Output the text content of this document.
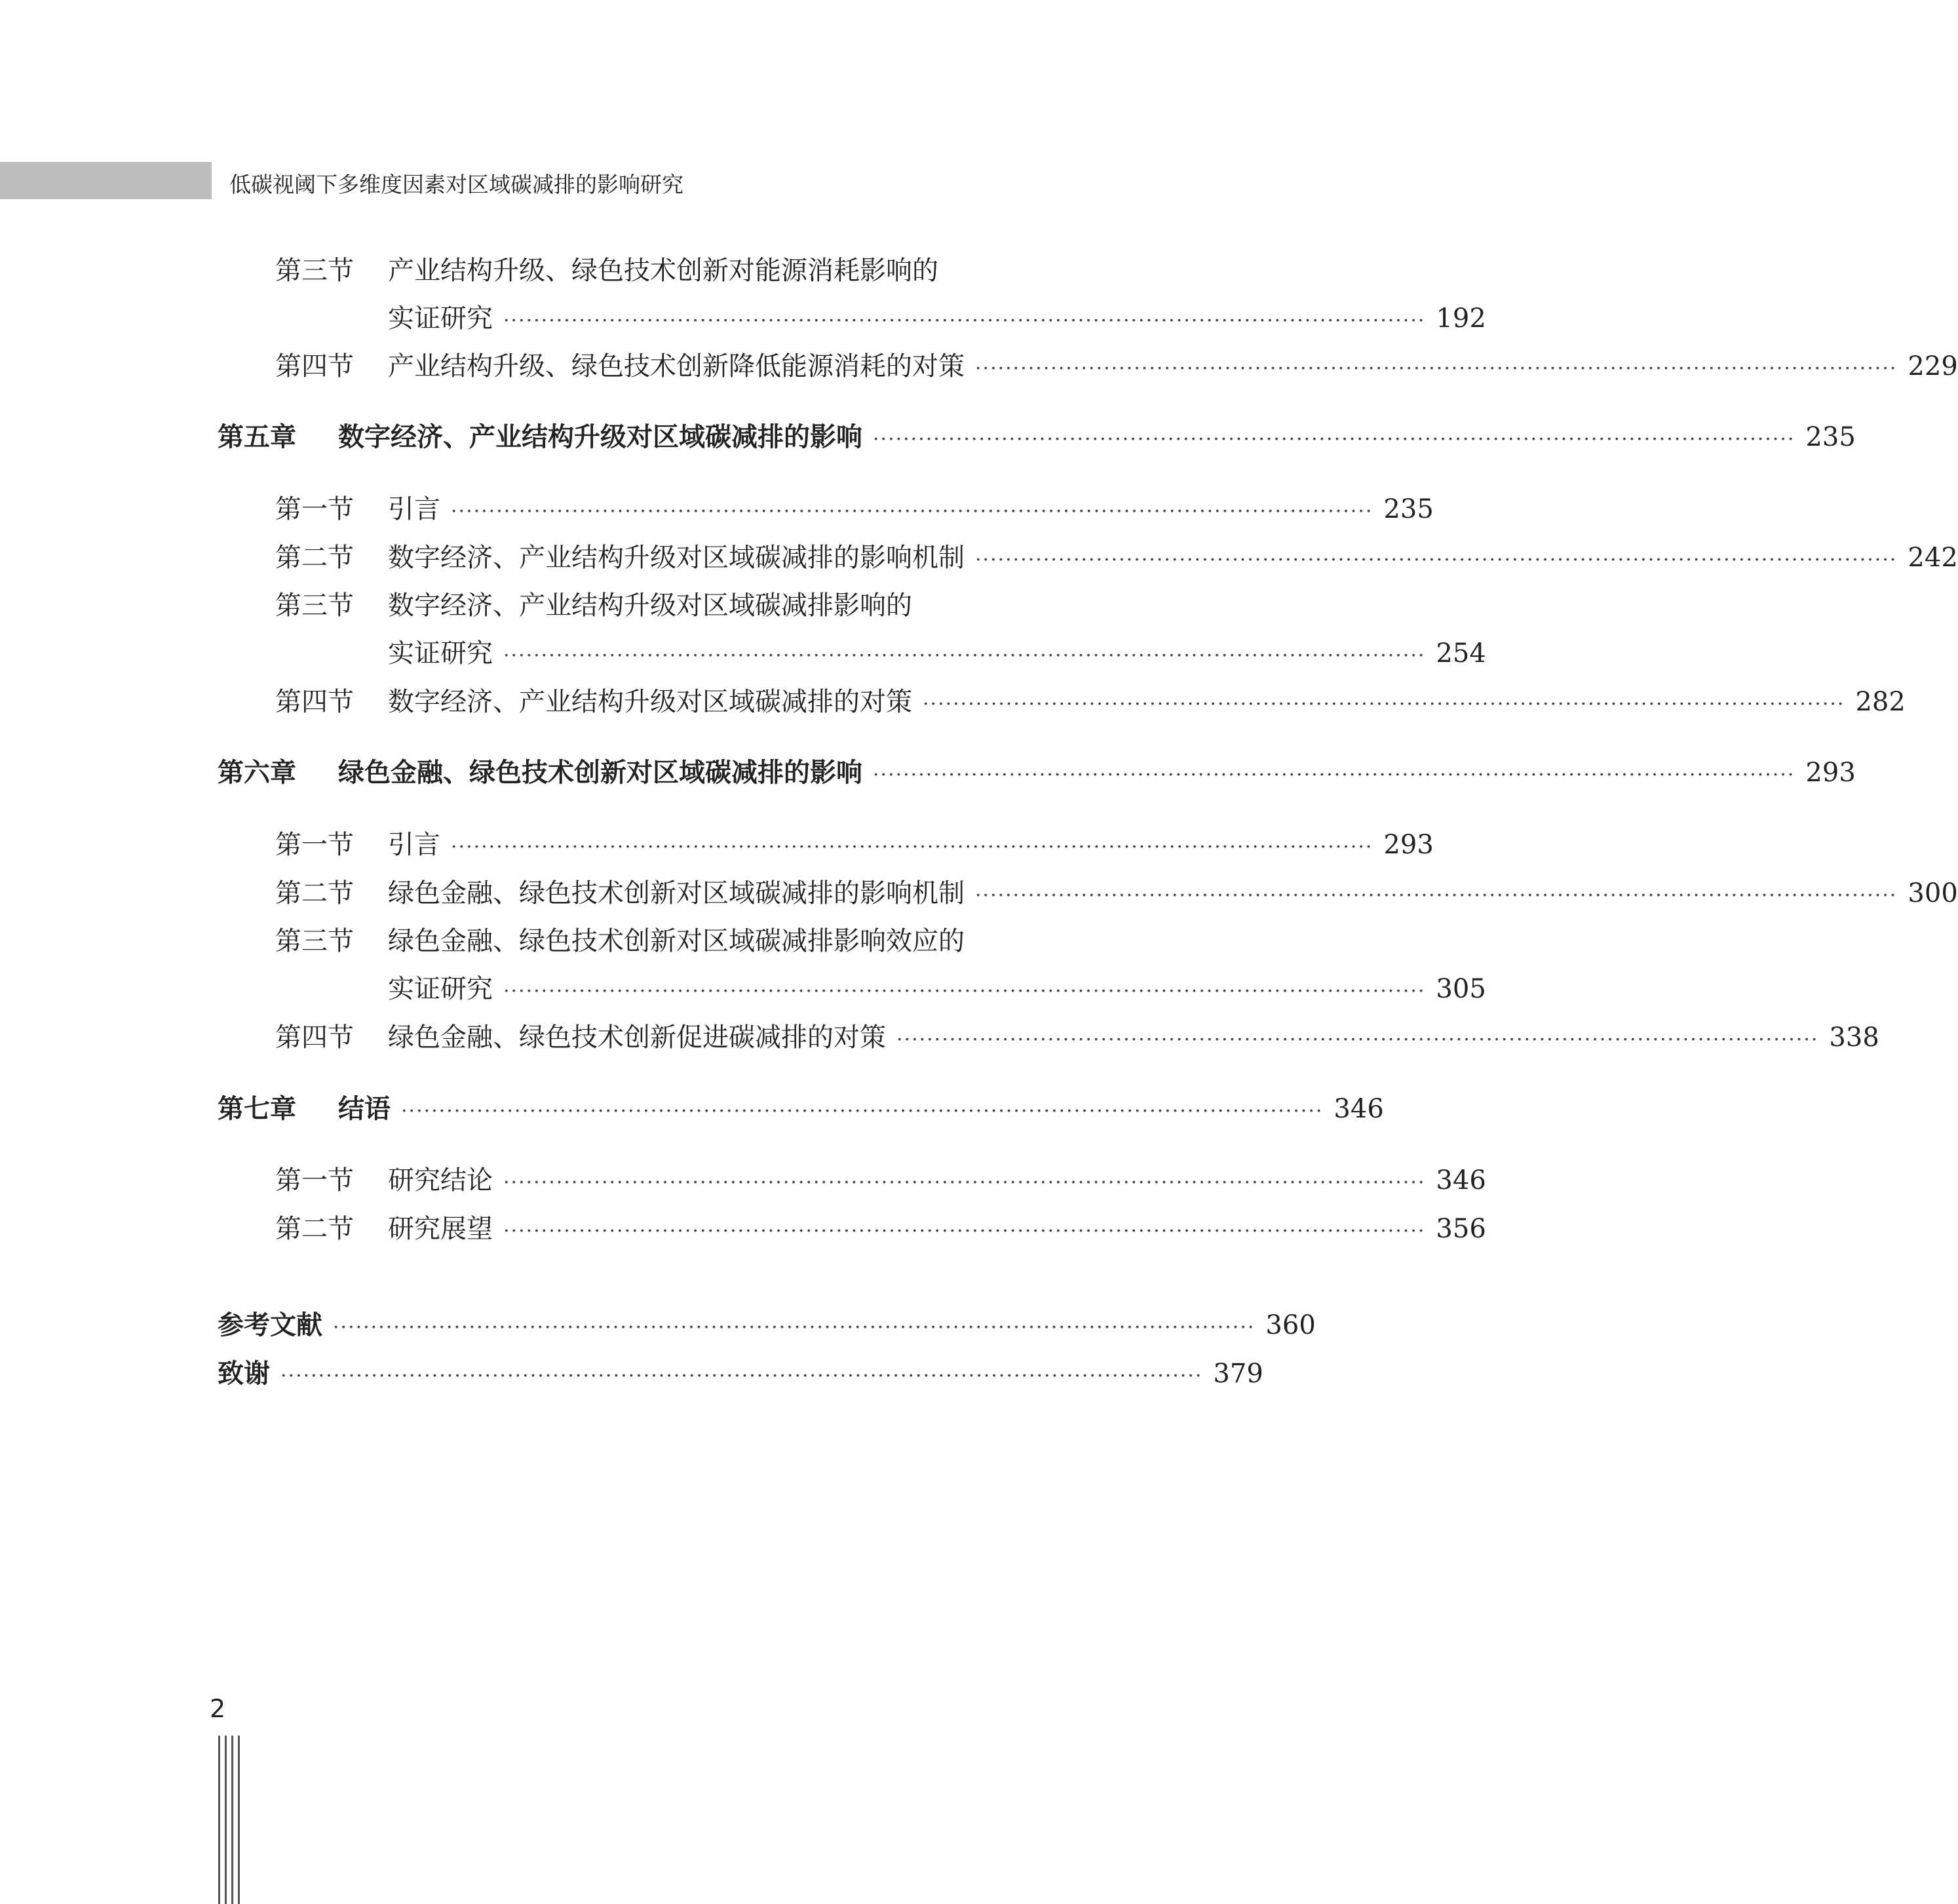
低碳视阈下多维度因素对区域碳减排的影响研究
第三节	产业结构升级、绿色技术创新对能源消耗影响的
实证研究 ·························································································································· 192
第四节	产业结构升级、绿色技术创新降低能源消耗的对策 ·························································································································· 229
第五章	数字经济、产业结构升级对区域碳减排的影响 ·························································································································· 235
第一节	引言 ·························································································································· 235
第二节	数字经济、产业结构升级对区域碳减排的影响机制 ·························································································································· 242
第三节	数字经济、产业结构升级对区域碳减排影响的
实证研究 ·························································································································· 254
第四节	数字经济、产业结构升级对区域碳减排的对策 ·························································································································· 282
第六章	绿色金融、绿色技术创新对区域碳减排的影响 ·························································································································· 293
第一节	引言 ·························································································································· 293
第二节	绿色金融、绿色技术创新对区域碳减排的影响机制 ·························································································································· 300
第三节	绿色金融、绿色技术创新对区域碳减排影响效应的
实证研究 ·························································································································· 305
第四节	绿色金融、绿色技术创新促进碳减排的对策 ·························································································································· 338
第七章	结语 ·························································································································· 346
第一节	研究结论 ·························································································································· 346
第二节	研究展望 ·························································································································· 356
参考文献 ·························································································································· 360
致谢 ·························································································································· 379
2
